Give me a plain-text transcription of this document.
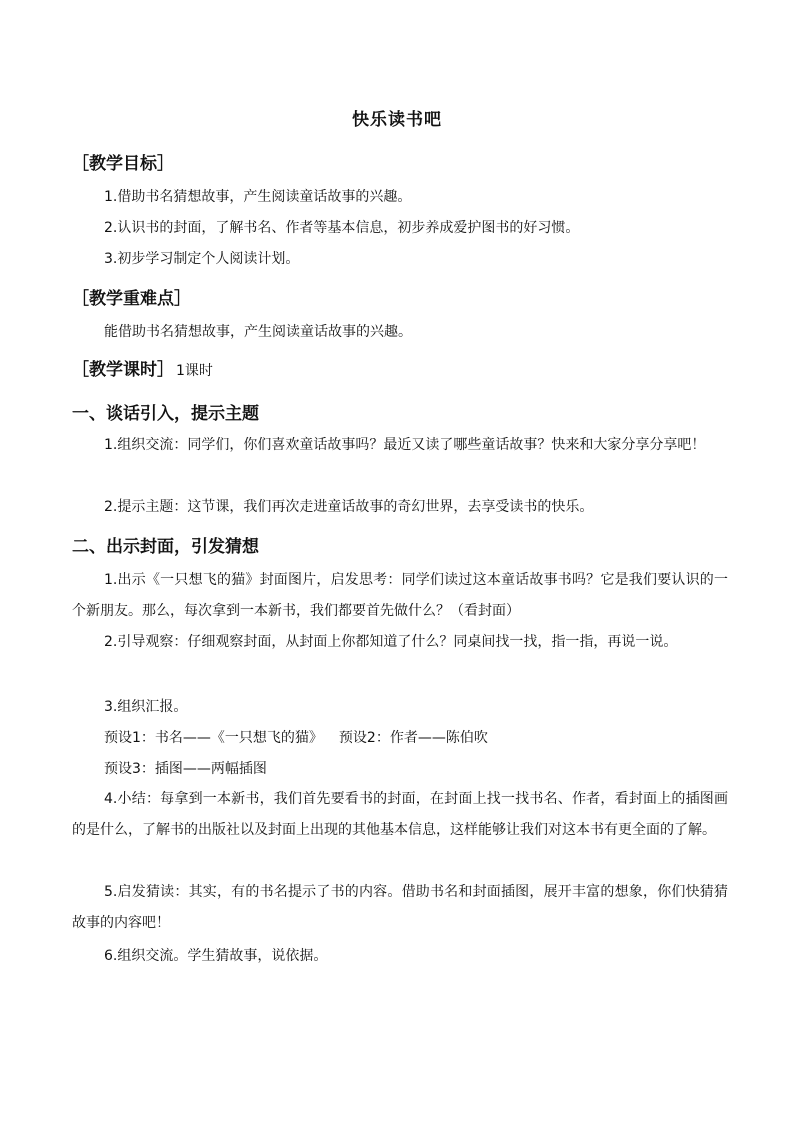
快乐读书吧
［教学目标］
1.借助书名猜想故事，产生阅读童话故事的兴趣。
2.认识书的封面，了解书名、作者等基本信息，初步养成爱护图书的好习惯。
3.初步学习制定个人阅读计划。
［教学重难点］
能借助书名猜想故事，产生阅读童话故事的兴趣。
［教学课时］ 1课时
一、谈话引入，提示主题
1.组织交流：同学们，你们喜欢童话故事吗？最近又读了哪些童话故事？快来和大家分享分享吧！
2.提示主题：这节课，我们再次走进童话故事的奇幻世界，去享受读书的快乐。
二、出示封面，引发猜想
1.出示《一只想飞的猫》封面图片，启发思考：同学们读过这本童话故事书吗？它是我们要认识的一个新朋友。那么，每次拿到一本新书，我们都要首先做什么？（看封面）
2.引导观察：仔细观察封面，从封面上你都知道了什么？同桌间找一找，指一指，再说一说。
3.组织汇报。
预设1：书名——《一只想飞的猫》 预设2：作者——陈伯吹
预设3：插图——两幅插图
4.小结：每拿到一本新书，我们首先要看书的封面，在封面上找一找书名、作者，看封面上的插图画的是什么，了解书的出版社以及封面上出现的其他基本信息，这样能够让我们对这本书有更全面的了解。
5.启发猜读：其实，有的书名提示了书的内容。借助书名和封面插图，展开丰富的想象，你们快猜猜故事的内容吧！
6.组织交流。学生猜故事，说依据。
